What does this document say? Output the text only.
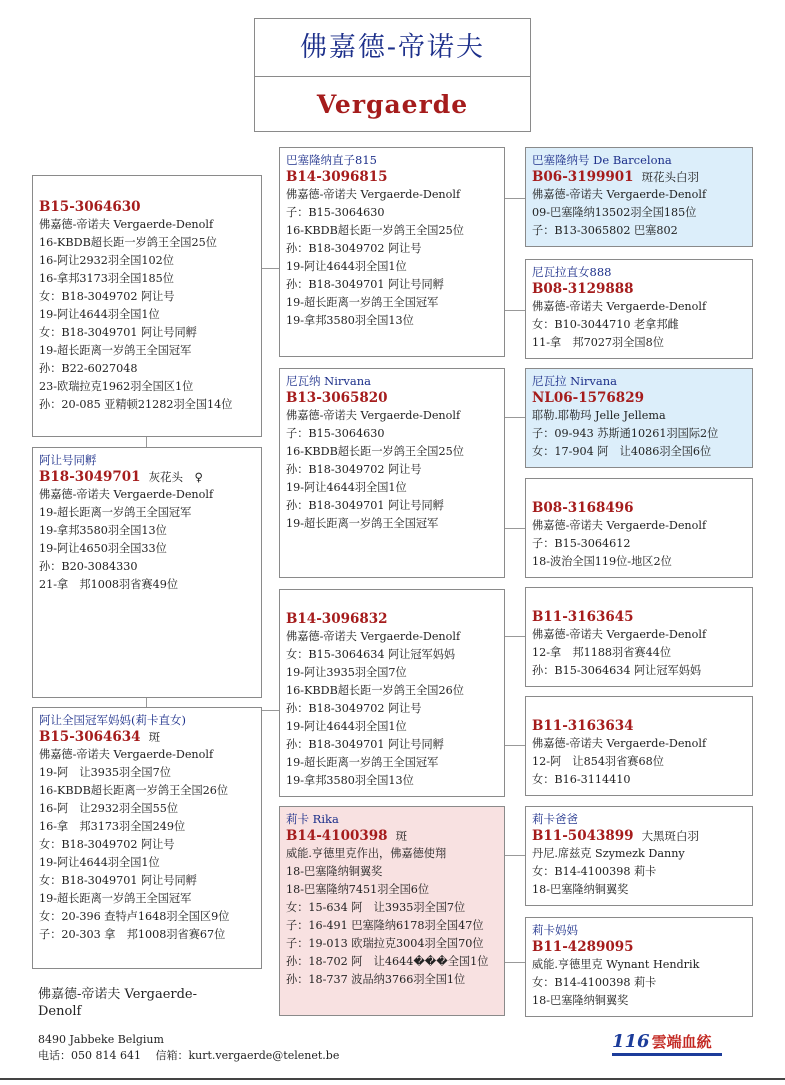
佛嘉德-帝诺夫
Vergaerde
B15-3064630
佛嘉德-帝诺夫 Vergaerde-Denolf
16-KBDB超长距一岁鸽王全国25位
16-阿让2932羽全国102位
16-拿邦3173羽全国185位
女：B18-3049702 阿让号
19-阿让4644羽全国1位
女：B18-3049701 阿让号同孵
19-超长距离一岁鸽王全国冠军
孙：B22-6027048
23-欧瑞拉克1962羽全国区1位
孙：20-085 亚精顿21282羽全国14位
阿让号同孵
B18-3049701 灰花头　♀
佛嘉德-帝诺夫 Vergaerde-Denolf
19-超长距离一岁鸽王全国冠军
19-拿邦3580羽全国13位
19-阿让4650羽全国33位
孙：B20-3084330
21-拿　邦1008羽省赛49位
阿让全国冠军妈妈(莉卡直女)
B15-3064634 斑
佛嘉德-帝诺夫 Vergaerde-Denolf
19-阿　让3935羽全国7位
16-KBDB超长距离一岁鸽王全国26位
16-阿　让2932羽全国55位
16-拿　邦3173羽全国249位
女：B18-3049702 阿让号
19-阿让4644羽全国1位
女：B18-3049701 阿让号同孵
19-超长距离一岁鸽王全国冠军
女：20-396 查特卢1648羽全国区9位
子：20-303 拿　邦1008羽省赛67位
巴塞隆纳直子815
B14-3096815
佛嘉德-帝诺夫 Vergaerde-Denolf
子：B15-3064630
16-KBDB超长距一岁鸽王全国25位
孙：B18-3049702 阿让号
19-阿让4644羽全国1位
孙：B18-3049701 阿让号同孵
19-超长距离一岁鸽王全国冠军
19-拿邦3580羽全国13位
尼瓦纳 Nirvana
B13-3065820
佛嘉德-帝诺夫 Vergaerde-Denolf
子：B15-3064630
16-KBDB超长距一岁鸽王全国25位
孙：B18-3049702 阿让号
19-阿让4644羽全国1位
孙：B18-3049701 阿让号同孵
19-超长距离一岁鸽王全国冠军
B14-3096832
佛嘉德-帝诺夫 Vergaerde-Denolf
女：B15-3064634 阿让冠军妈妈
19-阿让3935羽全国7位
16-KBDB超长距一岁鸽王全国26位
孙：B18-3049702 阿让号
19-阿让4644羽全国1位
孙：B18-3049701 阿让号同孵
19-超长距离一岁鸽王全国冠军
19-拿邦3580羽全国13位
莉卡 Rika
B14-4100398 斑
威能.亨德里克作出，佛嘉德使翔
18-巴塞隆纳铜翼奖
18-巴塞隆纳7451羽全国6位
女：15-634 阿　让3935羽全国7位
子：16-491 巴塞隆纳6178羽全国47位
子：19-013 欧瑞拉克3004羽全国70位
孙：18-702 阿　让4644���全国1位
孙：18-737 波品纳3766羽全国1位
巴塞隆纳号 De Barcelona
B06-3199901 斑花头白羽
佛嘉德-帝诺夫 Vergaerde-Denolf
09-巴塞隆纳13502羽全国185位
子：B13-3065802 巴塞802
尼瓦拉直女888
B08-3129888
佛嘉德-帝诺夫 Vergaerde-Denolf
女：B10-3044710 老拿邦雌
11-拿　邦7027羽全国8位
尼瓦拉 Nirvana
NL06-1576829
耶勒.耶勒玛 Jelle Jellema
子：09-943 苏斯通10261羽国际2位
女：17-904 阿　让4086羽全国6位
B08-3168496
佛嘉德-帝诺夫 Vergaerde-Denolf
子：B15-3064612
18-波治全国119位-地区2位
B11-3163645
佛嘉德-帝诺夫 Vergaerde-Denolf
12-拿　邦1188羽省赛44位
孙：B15-3064634 阿让冠军妈妈
B11-3163634
佛嘉德-帝诺夫 Vergaerde-Denolf
12-阿　让854羽省赛68位
女：B16-3114410
莉卡爸爸
B11-5043899 大黑斑白羽
丹尼.席兹克 Szymezk Danny
女：B14-4100398 莉卡
18-巴塞隆纳铜翼奖
莉卡妈妈
B11-4289095
威能.亨德里克 Wynant Hendrik
女：B14-4100398 莉卡
18-巴塞隆纳铜翼奖
佛嘉德-帝诺夫 Vergaerde-Denolf
8490 Jabbeke Belgium
电话：050 814 641　 信箱：kurt.vergaerde@telenet.be
116 雲端血統
